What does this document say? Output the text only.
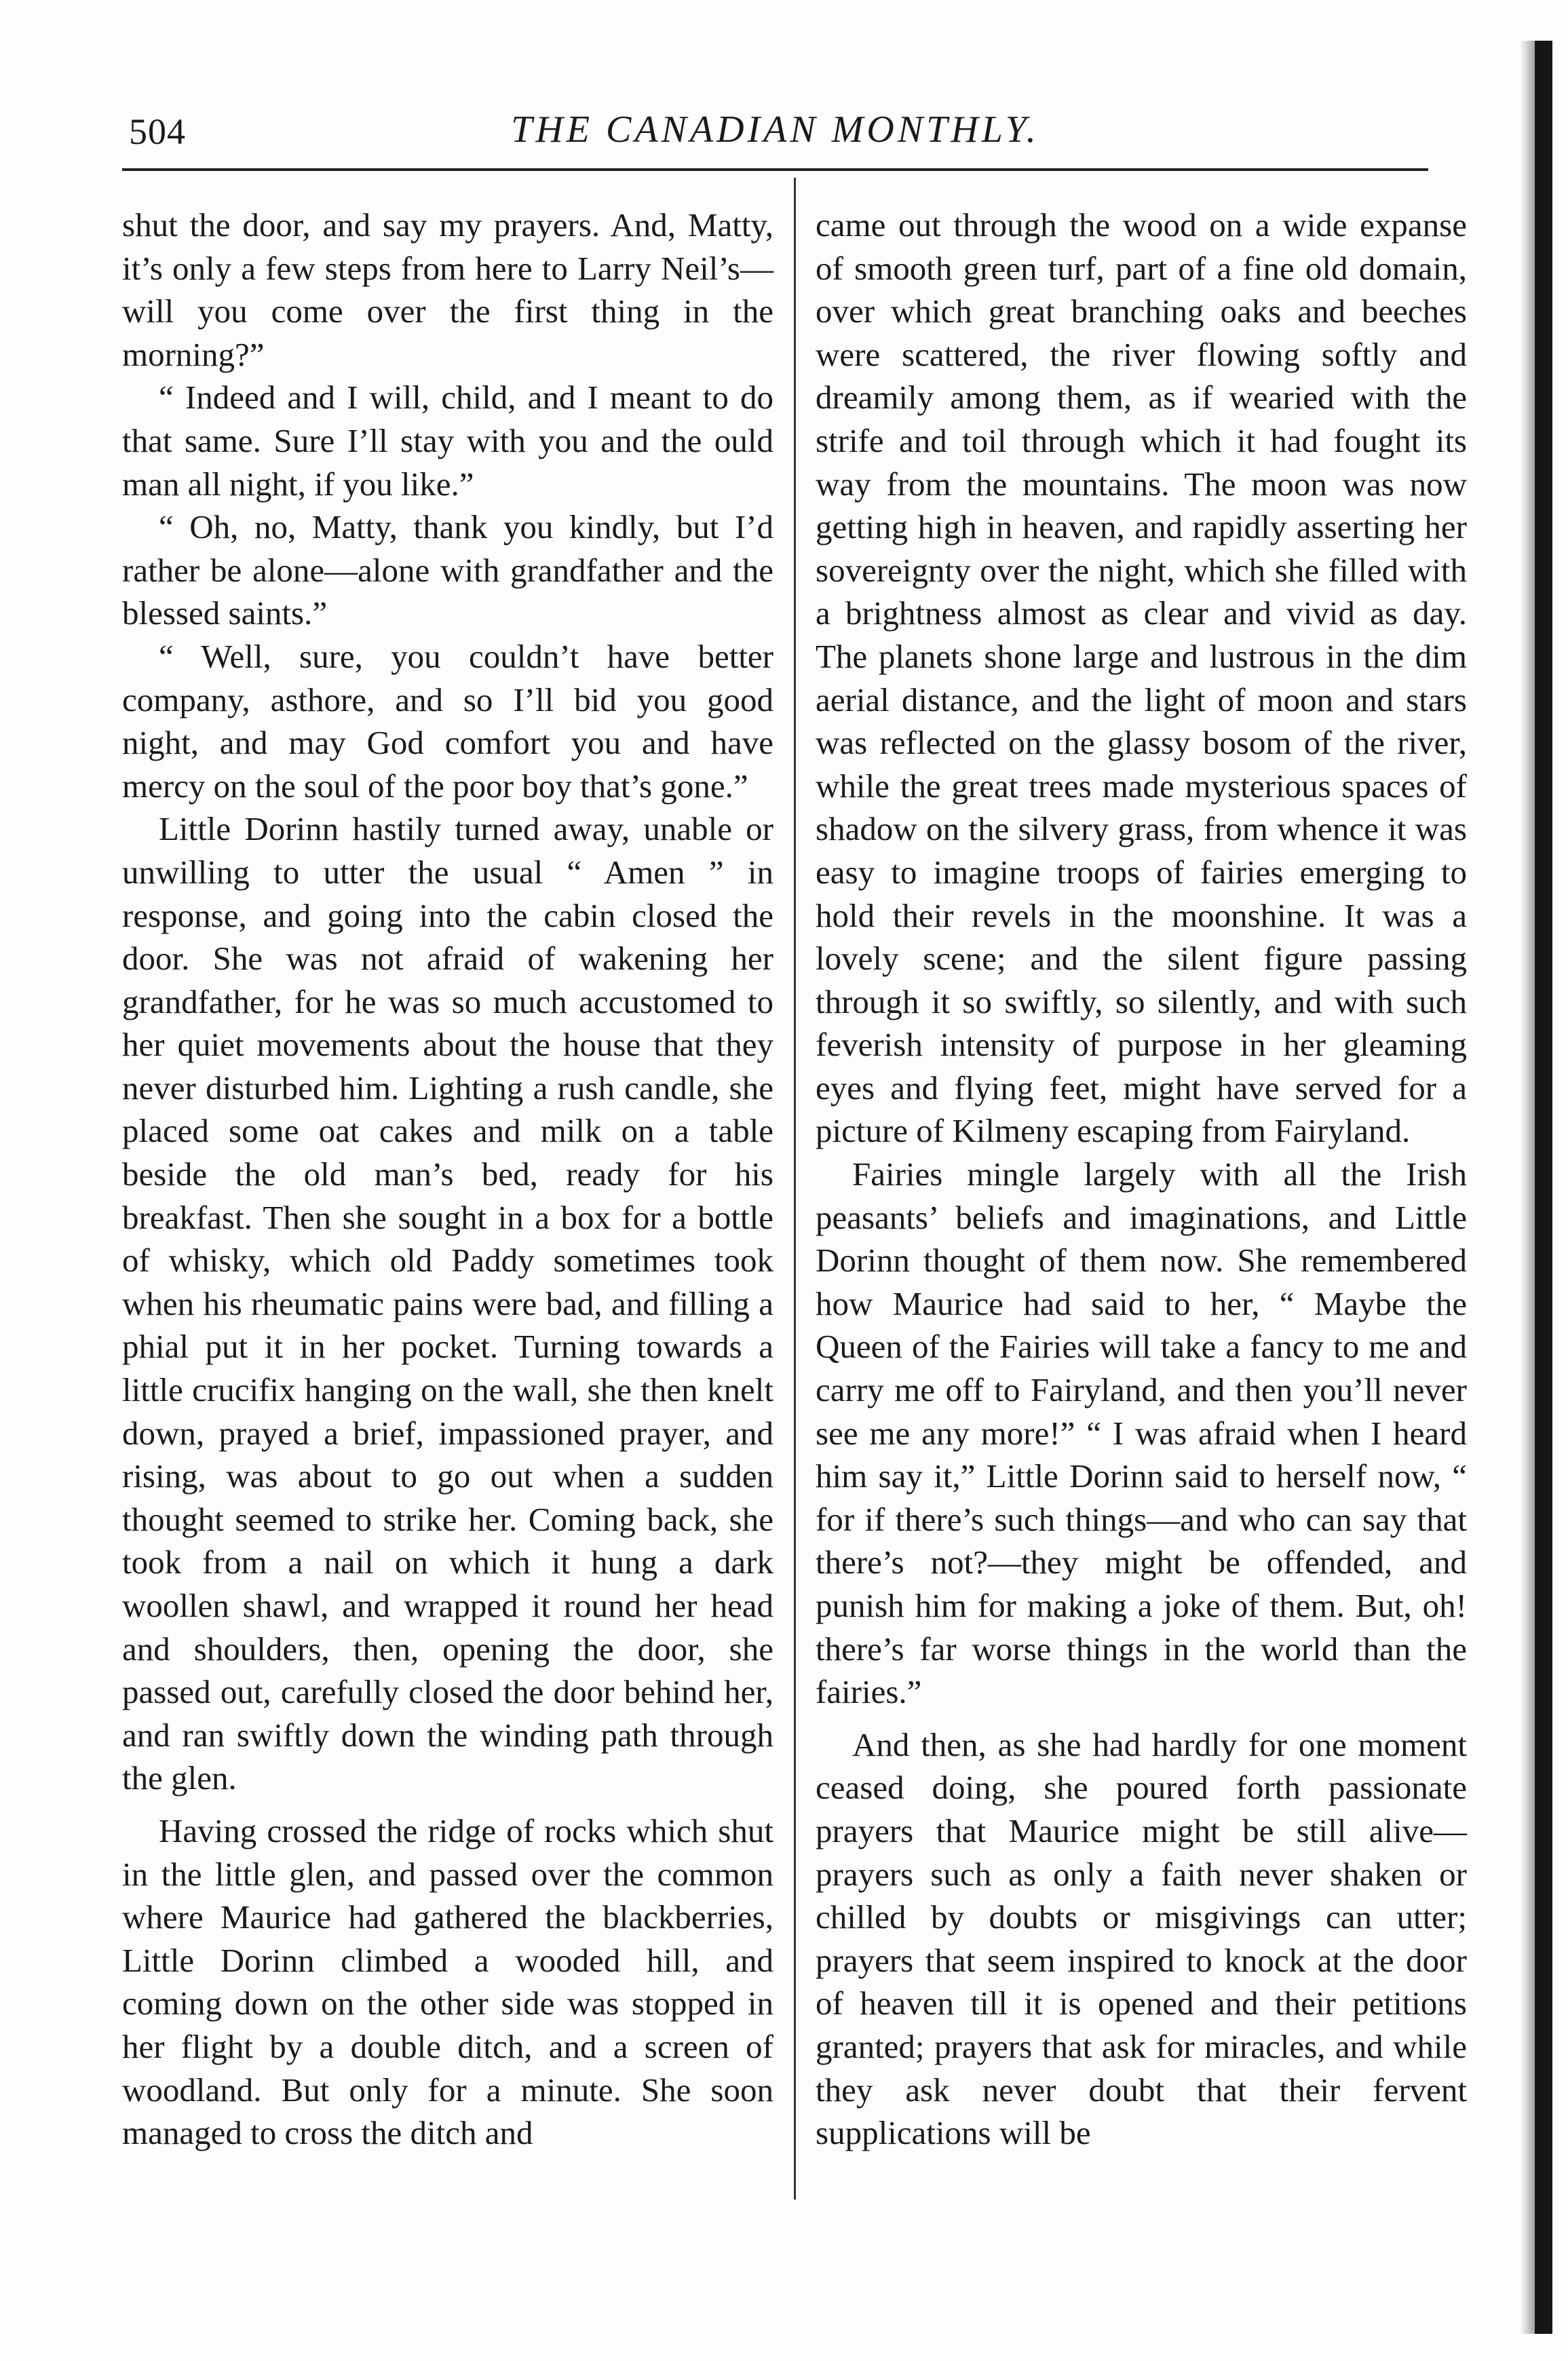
504	THE CANADIAN MONTHLY.

shut the door, and say my prayers. And, Matty, it’s only a few steps from here to Larry Neil’s—will you come over the first thing in the morning?”

“ Indeed and I will, child, and I meant to do that same. Sure I’ll stay with you and the ould man all night, if you like.”

“ Oh, no, Matty, thank you kindly, but I’d rather be alone—alone with grandfather and the blessed saints.”

“ Well, sure, you couldn’t have better company, asthore, and so I’ll bid you good night, and may God comfort you and have mercy on the soul of the poor boy that’s gone.”

Little Dorinn hastily turned away, unable or unwilling to utter the usual “ Amen ” in response, and going into the cabin closed the door. She was not afraid of wakening her grandfather, for he was so much accustomed to her quiet movements about the house that they never disturbed him. Lighting a rush candle, she placed some oat cakes and milk on a table beside the old man’s bed, ready for his breakfast. Then she sought in a box for a bottle of whisky, which old Paddy sometimes took when his rheumatic pains were bad, and filling a phial put it in her pocket. Turning towards a little crucifix hanging on the wall, she then knelt down, prayed a brief, impassioned prayer, and rising, was about to go out when a sudden thought seemed to strike her. Coming back, she took from a nail on which it hung a dark woollen shawl, and wrapped it round her head and shoulders, then, opening the door, she passed out, carefully closed the door behind her, and ran swiftly down the winding path through the glen.

Having crossed the ridge of rocks which shut in the little glen, and passed over the common where Maurice had gathered the blackberries, Little Dorinn climbed a wooded hill, and coming down on the other side was stopped in her flight by a double ditch, and a screen of woodland. But only for a minute. She soon managed to cross the ditch and

came out through the wood on a wide expanse of smooth green turf, part of a fine old domain, over which great branching oaks and beeches were scattered, the river flowing softly and dreamily among them, as if wearied with the strife and toil through which it had fought its way from the mountains. The moon was now getting high in heaven, and rapidly asserting her sovereignty over the night, which she filled with a brightness almost as clear and vivid as day. The planets shone large and lustrous in the dim aerial distance, and the light of moon and stars was reflected on the glassy bosom of the river, while the great trees made mysterious spaces of shadow on the silvery grass, from whence it was easy to imagine troops of fairies emerging to hold their revels in the moonshine. It was a lovely scene; and the silent figure passing through it so swiftly, so silently, and with such feverish intensity of purpose in her gleaming eyes and flying feet, might have served for a picture of Kilmeny escaping from Fairyland.

Fairies mingle largely with all the Irish peasants’ beliefs and imaginations, and Little Dorinn thought of them now. She remembered how Maurice had said to her, “ Maybe the Queen of the Fairies will take a fancy to me and carry me off to Fairyland, and then you’ll never see me any more!” “ I was afraid when I heard him say it,” Little Dorinn said to herself now, “ for if there’s such things—and who can say that there’s not?—they might be offended, and punish him for making a joke of them. But, oh! there’s far worse things in the world than the fairies.”

And then, as she had hardly for one moment ceased doing, she poured forth passionate prayers that Maurice might be still alive—prayers such as only a faith never shaken or chilled by doubts or misgivings can utter; prayers that seem inspired to knock at the door of heaven till it is opened and their petitions granted; prayers that ask for miracles, and while they ask never doubt that their fervent supplications will be
